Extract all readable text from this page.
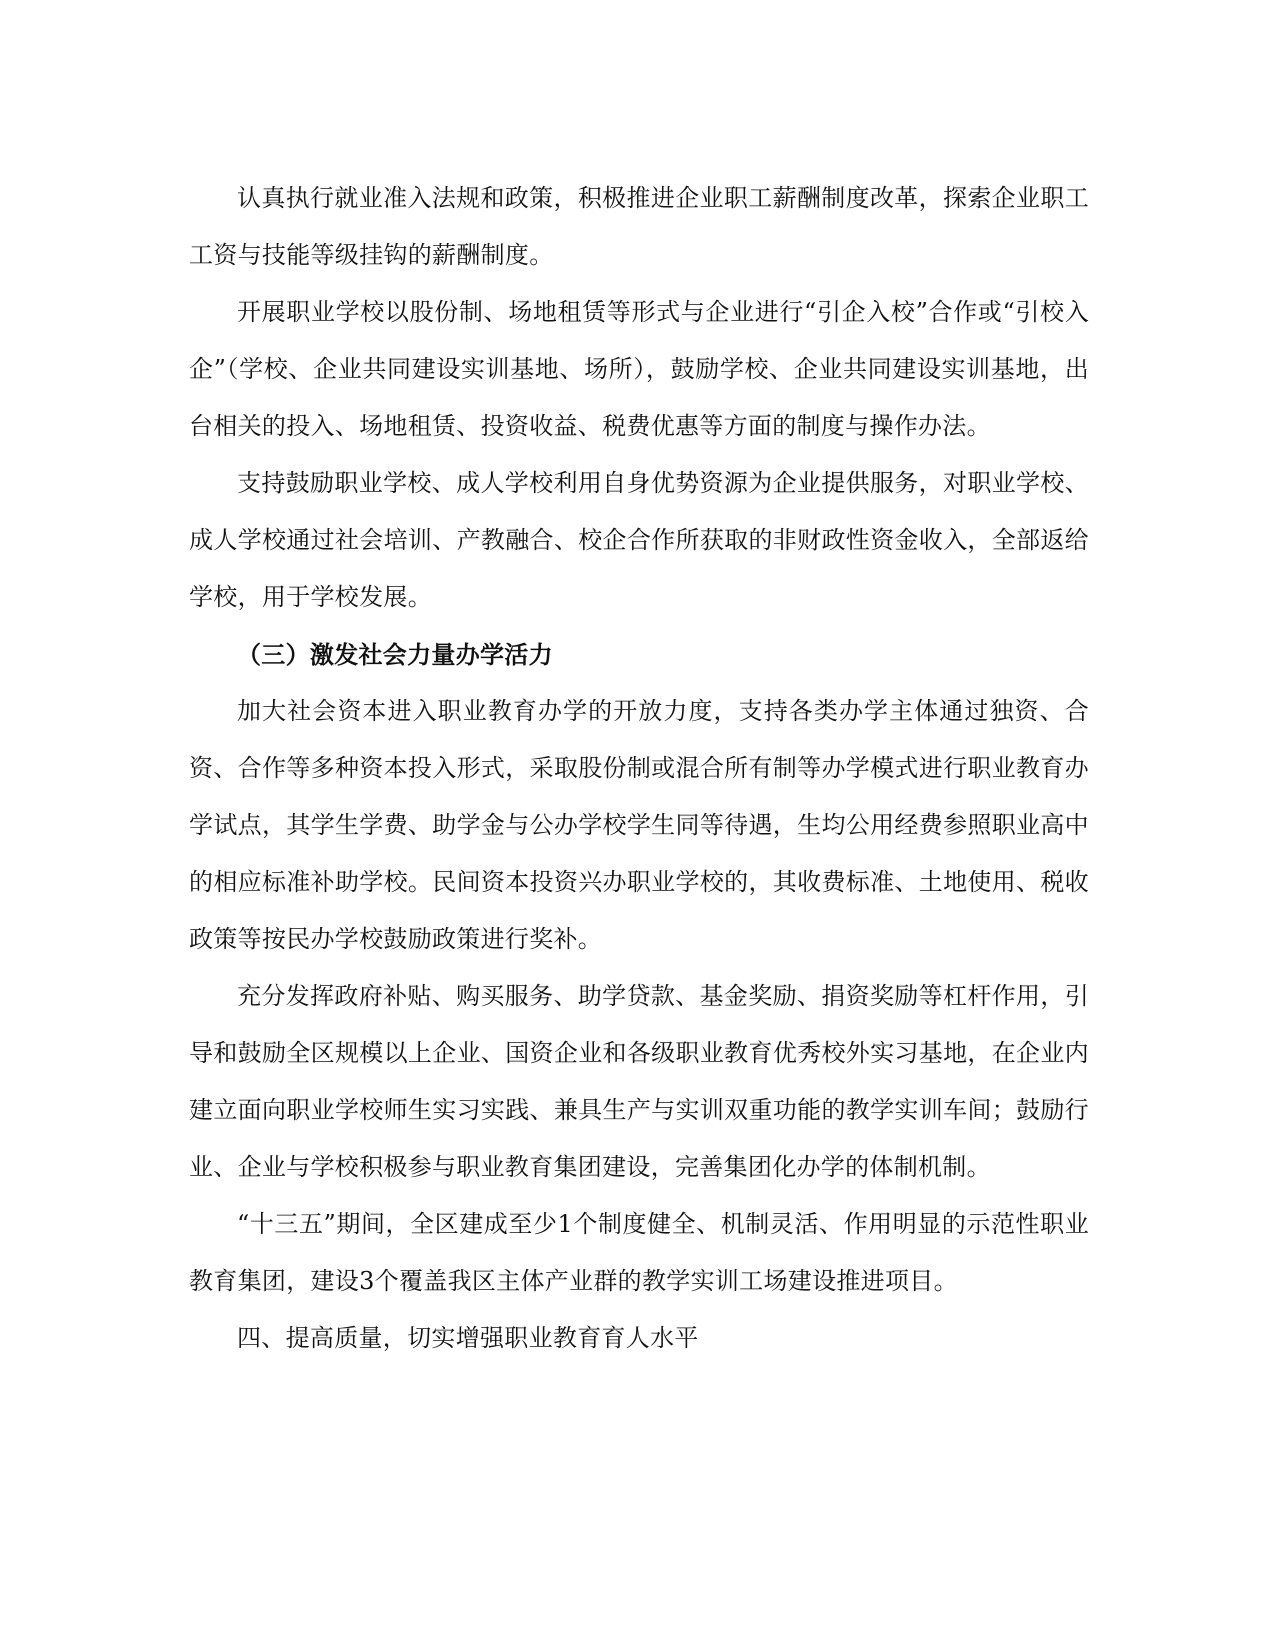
认真执行就业准入法规和政策，积极推进企业职工薪酬制度改革，探索企业职工工资与技能等级挂钩的薪酬制度。

开展职业学校以股份制、场地租赁等形式与企业进行“引企入校”合作或“引校入企”（学校、企业共同建设实训基地、场所），鼓励学校、企业共同建设实训基地，出台相关的投入、场地租赁、投资收益、税费优惠等方面的制度与操作办法。

支持鼓励职业学校、成人学校利用自身优势资源为企业提供服务，对职业学校、成人学校通过社会培训、产教融合、校企合作所获取的非财政性资金收入，全部返给学校，用于学校发展。

（三）激发社会力量办学活力

加大社会资本进入职业教育办学的开放力度，支持各类办学主体通过独资、合资、合作等多种资本投入形式，采取股份制或混合所有制等办学模式进行职业教育办学试点，其学生学费、助学金与公办学校学生同等待遇，生均公用经费参照职业高中的相应标准补助学校。民间资本投资兴办职业学校的，其收费标准、土地使用、税收政策等按民办学校鼓励政策进行奖补。

充分发挥政府补贴、购买服务、助学贷款、基金奖励、捐资奖励等杠杆作用，引导和鼓励全区规模以上企业、国资企业和各级职业教育优秀校外实习基地，在企业内建立面向职业学校师生实习实践、兼具生产与实训双重功能的教学实训车间；鼓励行业、企业与学校积极参与职业教育集团建设，完善集团化办学的体制机制。

“十三五”期间，全区建成至少1个制度健全、机制灵活、作用明显的示范性职业教育集团，建设3个覆盖我区主体产业群的教学实训工场建设推进项目。

四、提高质量，切实增强职业教育育人水平
